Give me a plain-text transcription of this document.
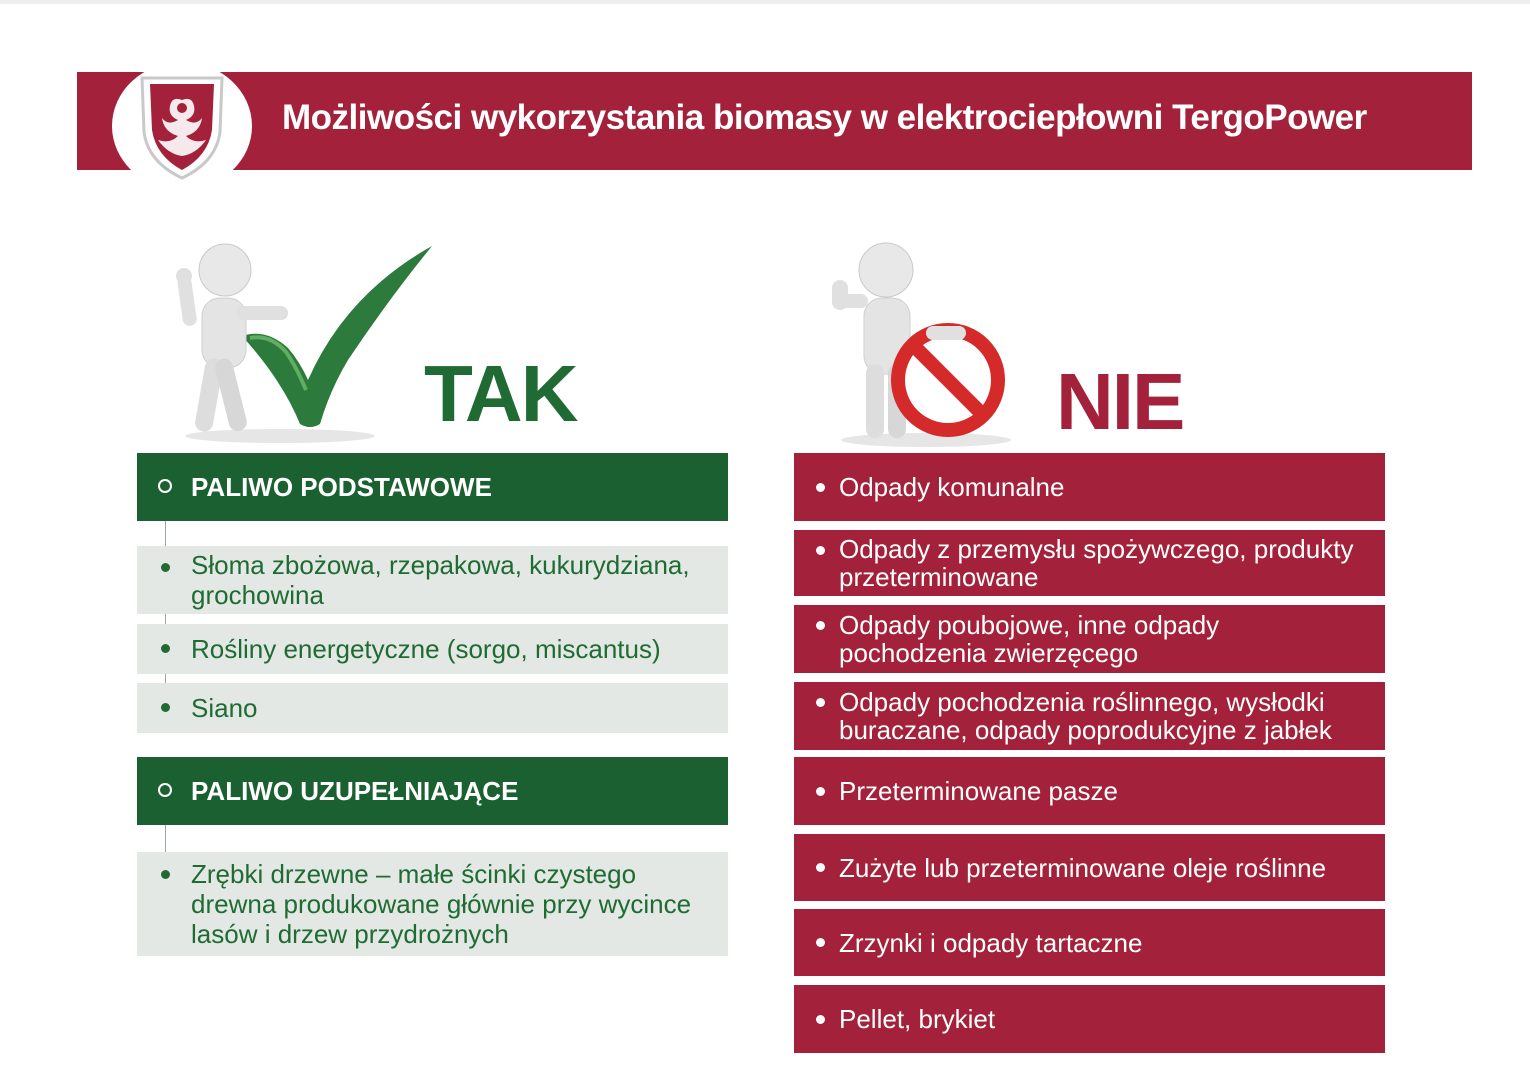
Możliwości wykorzystania biomasy w elektrociepłowni TergoPower
TAK	NIE
PALIWO PODSTAWOWE
Słoma zbożowa, rzepakowa, kukurydziana, grochowina
Rośliny energetyczne (sorgo, miscantus)
Siano
PALIWO UZUPEŁNIAJĄCE
Zrębki drzewne – małe ścinki czystego drewna produkowane głównie przy wycince lasów i drzew przydrożnych
Odpady komunalne
Odpady z przemysłu spożywczego, produkty przeterminowane
Odpady poubojowe, inne odpady pochodzenia zwierzęcego
Odpady pochodzenia roślinnego, wysłodki buraczane, odpady poprodukcyjne z jabłek
Przeterminowane pasze
Zużyte lub przeterminowane oleje roślinne
Zrzynki i odpady tartaczne
Pellet, brykiet
